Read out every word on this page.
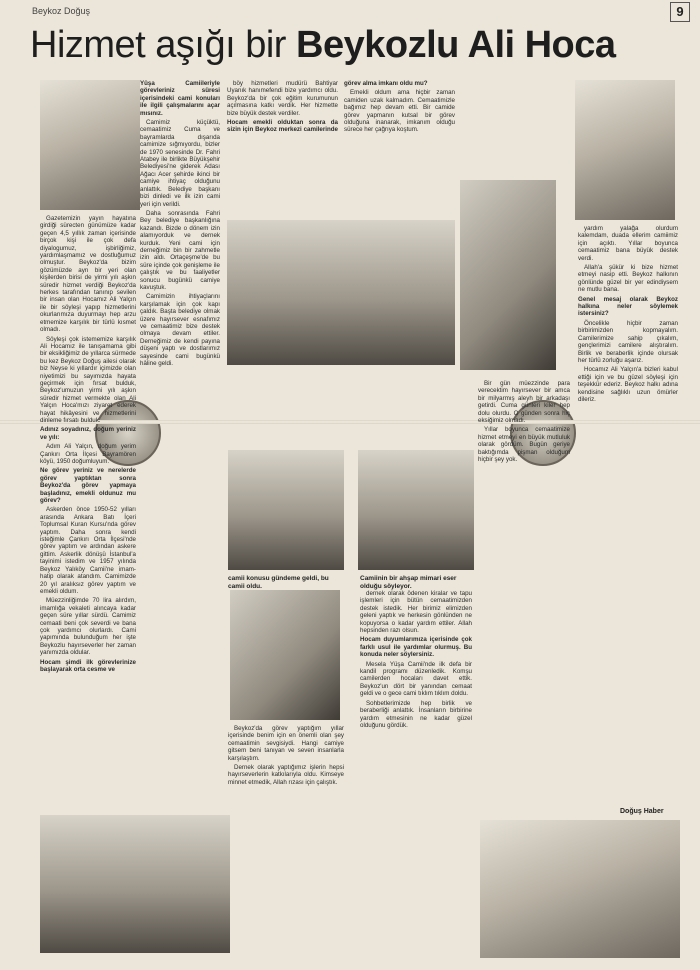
Beykoz Doğuş	9
Hizmet aşığı bir Beykozlu Ali Hoca

Gazetemizin yayın hayatına girdiği sürecten günümüze kadar geçen 4,5 yıllık zaman içerisinde birçok kişi ile çok defa diyalogumuz, işbirliğimiz, yardımlaşmamız ve dostluğumuz olmuştur. Beykoz'da bizim gözümüzde ayrı bir yeri olan kişilerden birisi de yirmi yılı aşkın süredir hizmet verdiği Beykoz'da herkes tarafından tanınıp sevilen bir insan olan Hocamız Ali Yalçın ile bir söyleşi yapıp hizmetlerini okurlarımıza duyurmayı hep arzu etmemize karşılık bir türlü kısmet olmadı.

Söyleşi çok istememize karşılık Ali Hocamız ile tanışamama gibi bir eksikliğimiz de yıllarca sürmede bu kez Beykoz Doğuş ailesi olarak biz Neyse ki yıllardır içimizde olan niyetimizi bu sayımızda hayata geçirmek için fırsat bulduk, Beykoz'umuzun yirmi yılı aşkın süredir hizmet vermekte olan Ali Yalçın Hoca'mızı ziyaret ederek hayat hikâyesini ve hizmetlerini dinleme fırsatı bulduk.

Adınız soyadınız, doğum yeriniz ve yılı:

Adım Ali Yalçın, doğum yerim Çankırı Orta İlçesi Bayramören köyü, 1950 doğumluyum.

Ne görev yeriniz ve nerelerde görev yaptıktan sonra Beykoz'da görev yapmaya başladınız, emekli oldunuz mu görev?

Askerden önce 1950-52 yılları arasında Ankara Batı İçeri Toplumsal Kuran Kursu'nda görev yaptım. Daha sonra kendi isteğimle Çankırı Orta İlçesi'nde görev yaptım ve ardından askere gittim. Askerlik dönüşü İstanbul'a tayinimi istedim ve 1957 yılında Beykoz Yalıköy Camii'ne imam-hatip olarak atandım. Camimizde 20 yıl aralıksız görev yaptım ve emekli oldum.

Müezzinliğimde 70 lira alırdım, imamlığa vekaleti alıncaya kadar geçen süre yıllar sürdü. Camimiz cemaati beni çok severdi ve bana çok yardımcı olurlardı. Cami yapımında bulunduğum her işte Beykozlu hayırseverler her zaman yanımızda oldular.

Hocam şimdi ilk görevlerinize başlayarak orta cesme ve

Yüşa Camiileriyle görevleriniz süresi içerisindeki cami konuları ile ilgili çalışmalarını açar mısınız.

Camimiz küçüktü, cemaatimiz Cuma ve bayramlarda dışarıda camimize sığmıyordu, bizler de 1970 senesinde Dr. Fahri Atabey ile birlikte Büyükşehir Belediyesi'ne giderek Adası Ağacı Acer şehirde ikinci bir camiye ihtiyaç olduğunu anlattık. Belediye başkanı bizi dinledi ve ilk izin cami yeri için verildi.

Daha sonrasında Fahri Bey belediye başkanlığına kazandı. Bizde o dönem izin alamıyorduk ve dernek kurduk. Yeni cami için derneğimiz bin bir zahmetle izin aldı. Ortaçeşme'de bu süre içinde çok genişleme ile çalıştık ve bu faaliyetler sonucu bugünkü camiye kavuştuk.

Camimizin ihtiyaçlarını karşılamak için çok kapı çaldık. Başta belediye olmak üzere hayırsever esnafımız ve cemaatimiz bize destek olmaya devam ettiler. Derneğimiz de kendi payına düşeni yaptı ve dostlarımız sayesinde cami bugünkü hâline geldi.

böy hizmetleri mudürü Bahtiyar Uyanık hanımefendi bize yardımcı oldu. Beykoz'da bir çok eğitim kurumunun açılmasına katkı verdik. Her hizmette bize büyük destek verdiler.

Hocam emekli olduktan sonra da sizin için Beykoz merkezi camilerinde görev alma imkanı oldu mu?

Emekli oldum ama hiçbir zaman camiden uzak kalmadım. Cemaatimizle bağımız hep devam etti. Bir camide görev yapmanın kutsal bir görev olduğuna inanarak, imkanım olduğu sürece her çağrıya koştum.

Beykoz'da görev yaptığım yıllar içerisinde benim için en önemli olan şey cemaatimin sevgisiydi. Hangi camiye gitsem beni tanıyan ve seven insanlarla karşılaştım.

Dernek olarak yaptığımız işlerin hepsi hayırseverlerin katkılarıyla oldu. Kimseye minnet etmedik, Allah rızası için çalıştık.

dernek olarak ödenen kiralar ve tapu işlemleri için bütün cemaatimizden destek istedik. Her birimiz elimizden geleni yaptık ve herkesin gönlünden ne kopuyorsa o kadar yardım ettiler. Allah hepsinden razı olsun.

Hocam duyumlarımıza içerisinde çok farklı usul ile yardımlar olurmuş. Bu konuda neler söylersiniz.

Mesela Yüşa Camii'nde ilk defa bir kandil programı düzenledik. Komşu camilerden hocaları davet ettik. Beykoz'un dört bir yanından cemaat geldi ve o gece cami tıklım tıklım doldu.

Sohbetlerimizde hep birlik ve beraberliği anlattık. İnsanların birbirine yardım etmesinin ne kadar güzel olduğunu gördük.

Bir gün müezzinde para verecektim hayırsever bir amca bir milyarmış aleyh bir arkadaşı getirdi. Cuma günleri kiler hep dolu olurdu. O günden sonra hiç eksiğimiz olmadı.

Yıllar boyunca cemaatimize hizmet etmeyi en büyük mutluluk olarak gördüm. Bugün geriye baktığımda pişman olduğum hiçbir şey yok.

yardım yalağa olurdum kalemdam, duada ellerim camiimiz için açıktı. Yıllar boyunca cemaatimiz bana büyük destek verdi.

Allah'a şükür ki bize hizmet etmeyi nasip etti. Beykoz halkının gönlünde güzel bir yer edindiysem ne mutlu bana.

Genel mesaj olarak Beykoz halkına neler söylemek istersiniz?

Öncelikle hiçbir zaman birbirimizden kopmayalım. Camilerimize sahip çıkalım, gençlerimizi camilere alıştıralım. Birlik ve beraberlik içinde olursak her türlü zorluğu aşarız.

Hocamız Ali Yalçın'a bizleri kabul ettiği için ve bu güzel söyleşi için teşekkür ederiz. Beykoz halkı adına kendisine sağlıklı uzun ömürler dileriz.

camii konusu gündeme geldi, bu camii oldu.
Camiinin bir ahşap mimari eser olduğu söyleyor.
Doğuş Haber
